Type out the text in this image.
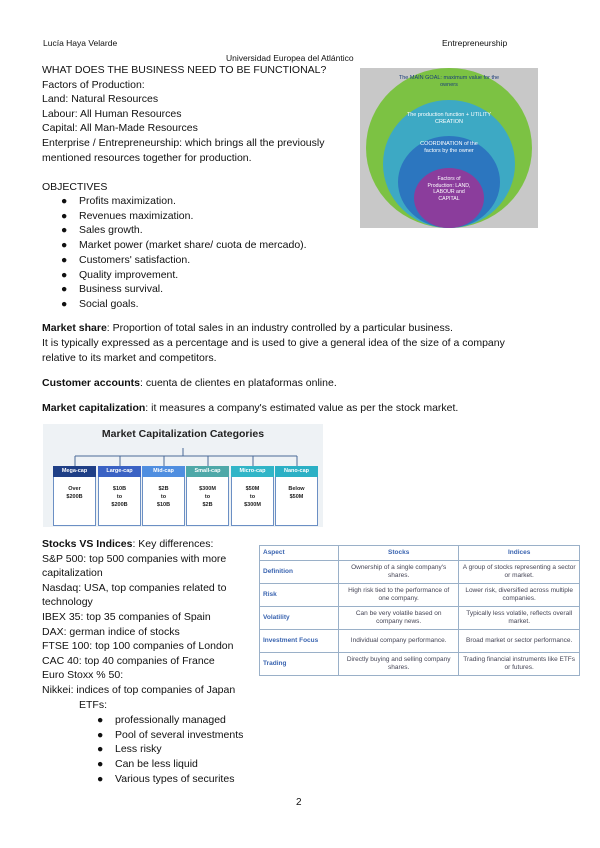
Lucía Haya Velarde	Entrepreneurship
Universidad Europea del Atlántico
WHAT DOES THE BUSINESS NEED TO BE FUNCTIONAL?
Factors of Production:
Land: Natural Resources
Labour: All Human Resources
Capital: All Man-Made Resources
Enterprise / Entrepreneurship: which brings all the previously
mentioned resources together for production.
The MAIN GOAL: maximum value for the owners
The production function + UTILITY CREATION
COORDINATION of the factors by the owner
Factors of Production: LAND, LABOUR and CAPITAL
OBJECTIVES
● Profits maximization.
● Revenues maximization.
● Sales growth.
● Market power (market share/ cuota de mercado).
● Customers' satisfaction.
● Quality improvement.
● Business survival.
● Social goals.
Market share: Proportion of total sales in an industry controlled by a particular business.
It is typically expressed as a percentage and is used to give a general idea of the size of a company
relative to its market and competitors.
Customer accounts: cuenta de clientes en plataformas online.
Market capitalization: it measures a company's estimated value as per the stock market.
Market Capitalization Categories
Mega-cap
Over
$200B
Large-cap
$10B
to
$200B
Mid-cap
$2B
to
$10B
Small-cap
$300M
to
$2B
Micro-cap
$50M
to
$300M
Nano-cap
Below
$50M
Stocks VS Indices: Key differences:
S&P 500: top 500 companies with more
capitalization
Nasdaq: USA, top companies related to
technology
IBEX 35: top 35 companies of Spain
DAX: german indice of stocks
FTSE 100: top 100 companies of London
CAC 40: top 40 companies of France
Euro Stoxx % 50:
Nikkei: indices of top companies of Japan
ETFs:
● professionally managed
● Pool of several investments
● Less risky
● Can be less liquid
● Various types of securites
Aspect	Stocks	Indices
Definition	Ownership of a single company's shares.	A group of stocks representing a sector or market.
Risk	High risk tied to the performance of one company.	Lower risk, diversified across multiple companies.
Volatility	Can be very volatile based on company news.	Typically less volatile, reflects overall market.
Investment Focus	Individual company performance.	Broad market or sector performance.
Trading	Directly buying and selling company shares.	Trading financial instruments like ETFs or futures.
2
